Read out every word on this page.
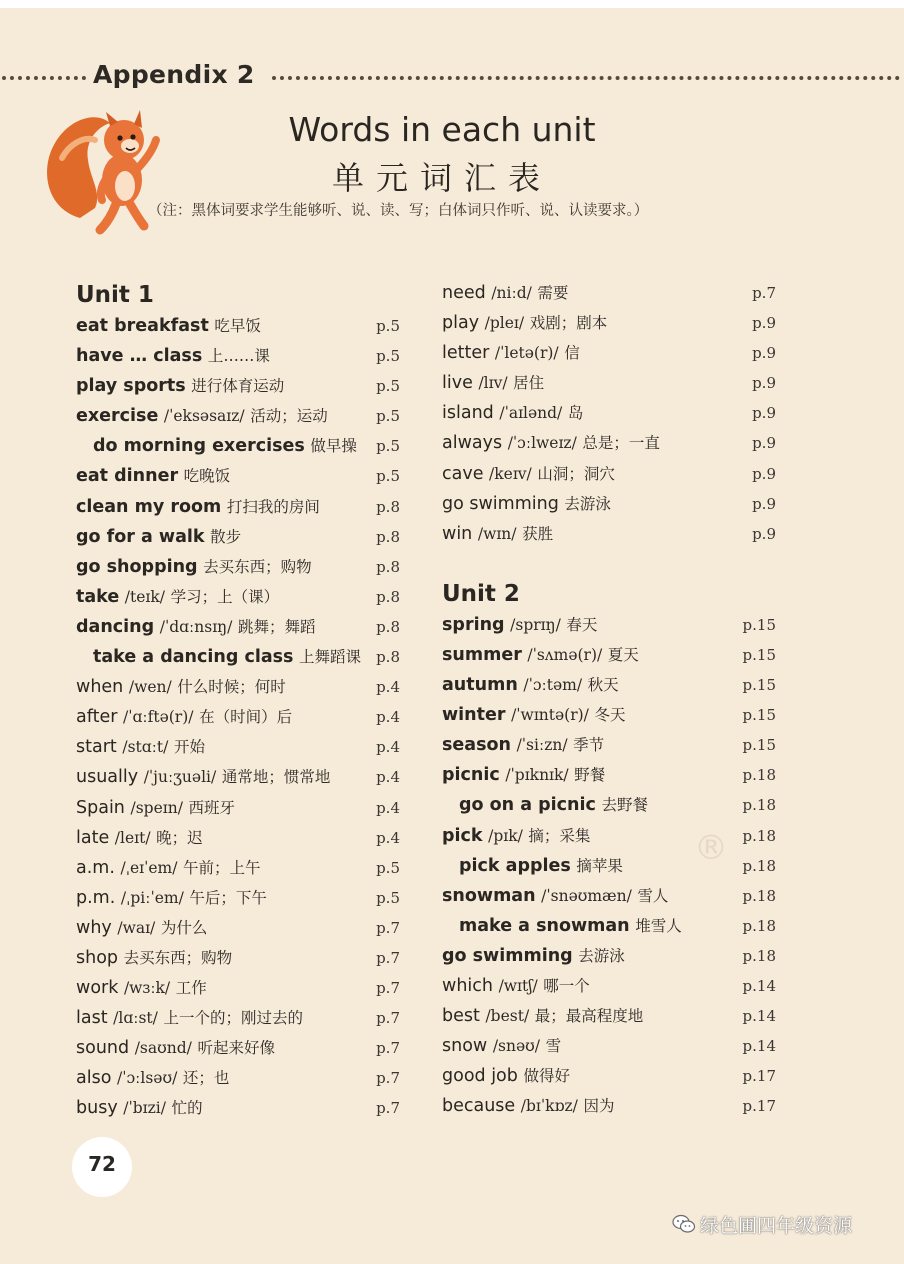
Appendix 2
Words in each unit
单元词汇表
（注：黑体词要求学生能够听、说、读、写；白体词只作听、说、认读要求。）
®
Unit 1
eat breakfast 吃早饭	p.5
have … class 上……课	p.5
play sports 进行体育运动	p.5
exercise /ˈeksəsaɪz/ 活动；运动	p.5
do morning exercises 做早操 p.5
eat dinner 吃晚饭	p.5
clean my room 打扫我的房间	p.8
go for a walk 散步	p.8
go shopping 去买东西；购物	p.8
take /teɪk/ 学习；上（课）	p.8
dancing /ˈdɑːnsɪŋ/ 跳舞；舞蹈	p.8
take a dancing class 上舞蹈课 p.8
when /wen/ 什么时候；何时	p.4
after /ˈɑːftə(r)/ 在（时间）后	p.4
start /stɑːt/ 开始	p.4
usually /ˈjuːʒuəli/ 通常地；惯常地	p.4
Spain /speɪn/ 西班牙	p.4
late /leɪt/ 晚；迟	p.4
a.m. /ˌeɪˈem/ 午前；上午	p.5
p.m. /ˌpiːˈem/ 午后；下午	p.5
why /waɪ/ 为什么	p.7
shop 去买东西；购物	p.7
work /wɜːk/ 工作	p.7
last /lɑːst/ 上一个的；刚过去的	p.7
sound /saʊnd/ 听起来好像	p.7
also /ˈɔːlsəʊ/ 还；也	p.7
busy /ˈbɪzi/ 忙的	p.7
need /niːd/ 需要	p.7
play /pleɪ/ 戏剧；剧本	p.9
letter /ˈletə(r)/ 信	p.9
live /lɪv/ 居住	p.9
island /ˈaɪlənd/ 岛	p.9
always /ˈɔːlweɪz/ 总是；一直	p.9
cave /keɪv/ 山洞；洞穴	p.9
go swimming 去游泳	p.9
win /wɪn/ 获胜	p.9
Unit 2
spring /sprɪŋ/ 春天	p.15
summer /ˈsʌmə(r)/ 夏天	p.15
autumn /ˈɔːtəm/ 秋天	p.15
winter /ˈwɪntə(r)/ 冬天	p.15
season /ˈsiːzn/ 季节	p.15
picnic /ˈpɪknɪk/ 野餐	p.18
go on a picnic 去野餐	p.18
pick /pɪk/ 摘；采集	p.18
pick apples 摘苹果	p.18
snowman /ˈsnəʊmæn/ 雪人	p.18
make a snowman 堆雪人	p.18
go swimming 去游泳	p.18
which /wɪtʃ/ 哪一个	p.14
best /best/ 最；最高程度地	p.14
snow /snəʊ/ 雪	p.14
good job 做得好	p.17
because /bɪˈkɒz/ 因为	p.17
72
绿色圃四年级资源
